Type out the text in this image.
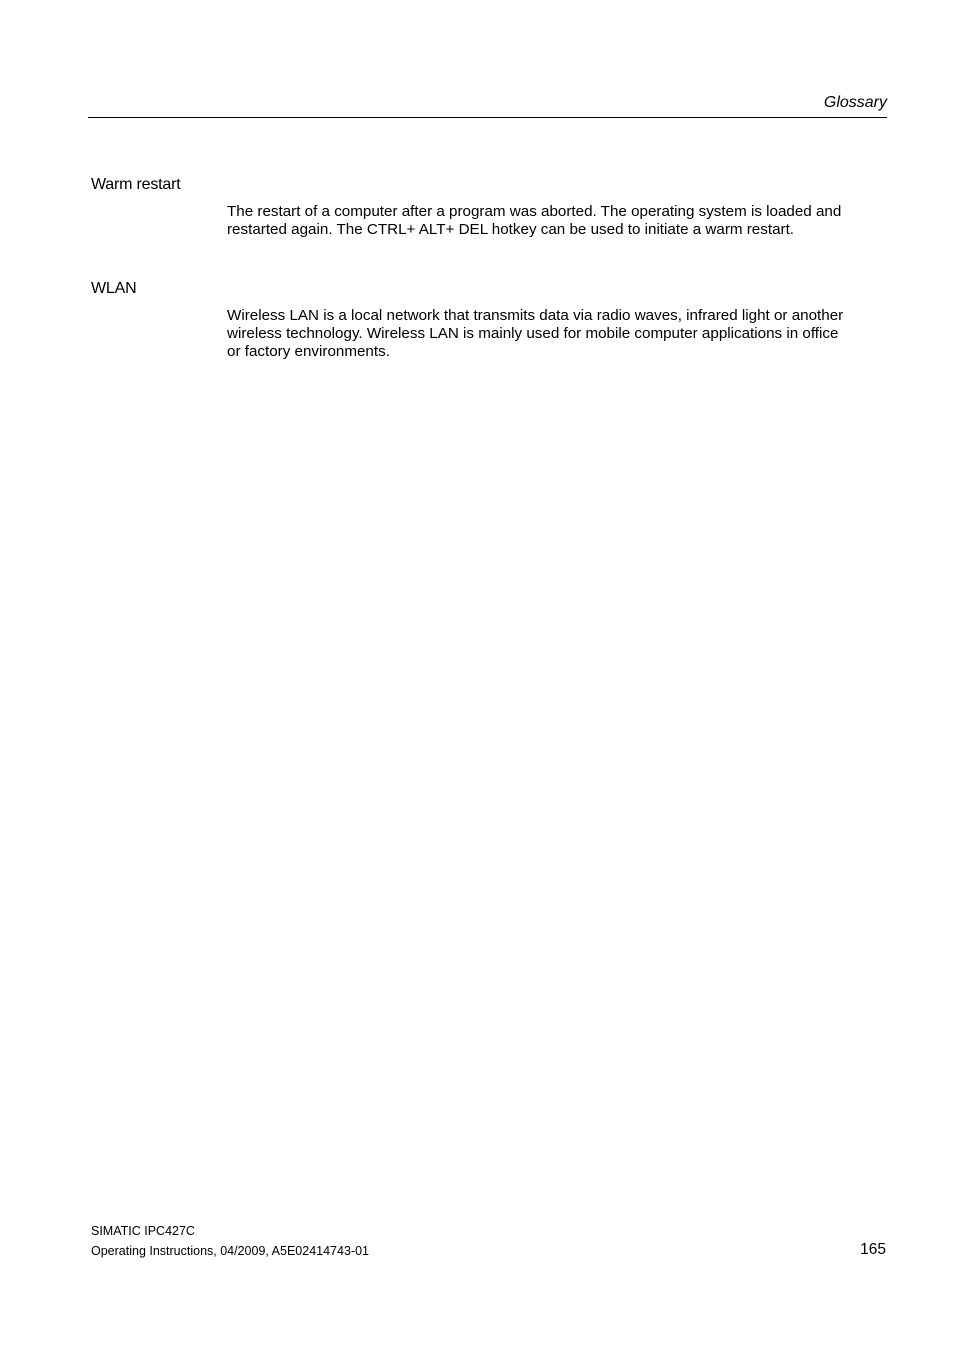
Glossary
Warm restart
The restart of a computer after a program was aborted. The operating system is loaded and
restarted again. The CTRL+ ALT+ DEL hotkey can be used to initiate a warm restart.
WLAN
Wireless LAN is a local network that transmits data via radio waves, infrared light or another
wireless technology. Wireless LAN is mainly used for mobile computer applications in office
or factory environments.
SIMATIC IPC427C
Operating Instructions, 04/2009, A5E02414743-01	165
